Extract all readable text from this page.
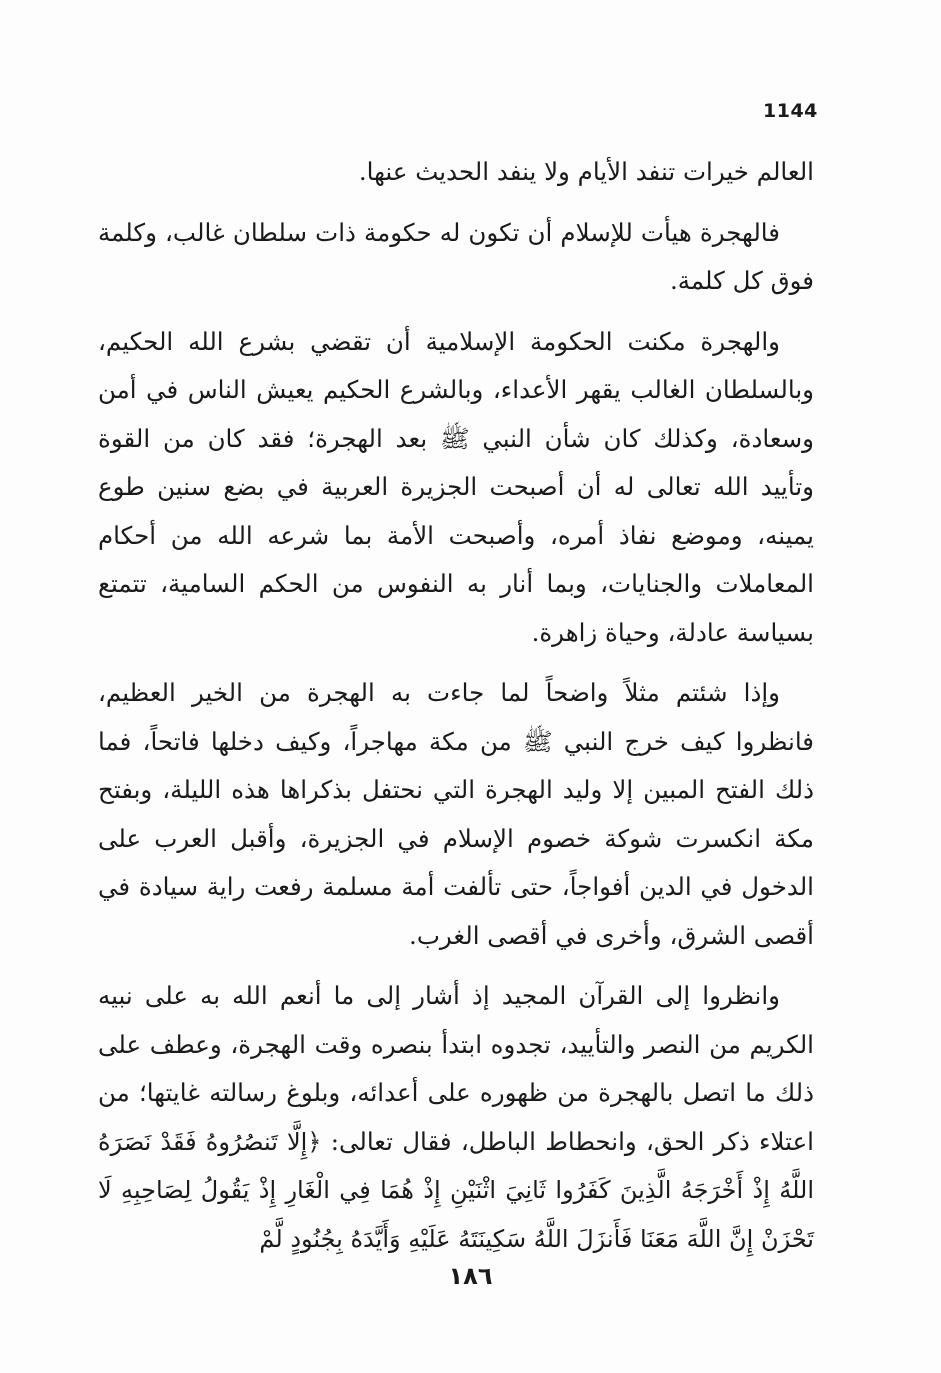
1144

العالم خيرات تنفد الأيام ولا ينفد الحديث عنها.

فالهجرة هيأت للإسلام أن تكون له حكومة ذات سلطان غالب، وكلمة فوق كل كلمة.

والهجرة مكنت الحكومة الإسلامية أن تقضي بشرع الله الحكيم، وبالسلطان الغالب يقهر الأعداء، وبالشرع الحكيم يعيش الناس في أمن وسعادة، وكذلك كان شأن النبي ﷺ بعد الهجرة؛ فقد كان من القوة وتأييد الله تعالى له أن أصبحت الجزيرة العربية في بضع سنين طوع يمينه، وموضع نفاذ أمره، وأصبحت الأمة بما شرعه الله من أحكام المعاملات والجنايات، وبما أنار به النفوس من الحكم السامية، تتمتع بسياسة عادلة، وحياة زاهرة.

وإذا شئتم مثلاً واضحاً لما جاءت به الهجرة من الخير العظيم، فانظروا كيف خرج النبي ﷺ من مكة مهاجراً، وكيف دخلها فاتحاً، فما ذلك الفتح المبين إلا وليد الهجرة التي نحتفل بذكراها هذه الليلة، وبفتح مكة انكسرت شوكة خصوم الإسلام في الجزيرة، وأقبل العرب على الدخول في الدين أفواجاً، حتى تألفت أمة مسلمة رفعت راية سيادة في أقصى الشرق، وأخرى في أقصى الغرب.

وانظروا إلى القرآن المجيد إذ أشار إلى ما أنعم الله به على نبيه الكريم من النصر والتأييد، تجدوه ابتدأ بنصره وقت الهجرة، وعطف على ذلك ما اتصل بالهجرة من ظهوره على أعدائه، وبلوغ رسالته غايتها؛ من اعتلاء ذكر الحق، وانحطاط الباطل، فقال تعالى: ﴿إِلَّا تَنصُرُوهُ فَقَدْ نَصَرَهُ اللَّهُ إِذْ أَخْرَجَهُ الَّذِينَ كَفَرُوا ثَانِيَ اثْنَيْنِ إِذْ هُمَا فِي الْغَارِ إِذْ يَقُولُ لِصَاحِبِهِ لَا تَحْزَنْ إِنَّ اللَّهَ مَعَنَا فَأَنزَلَ اللَّهُ سَكِينَتَهُ عَلَيْهِ وَأَيَّدَهُ بِجُنُودٍ لَّمْ

١٨٦
